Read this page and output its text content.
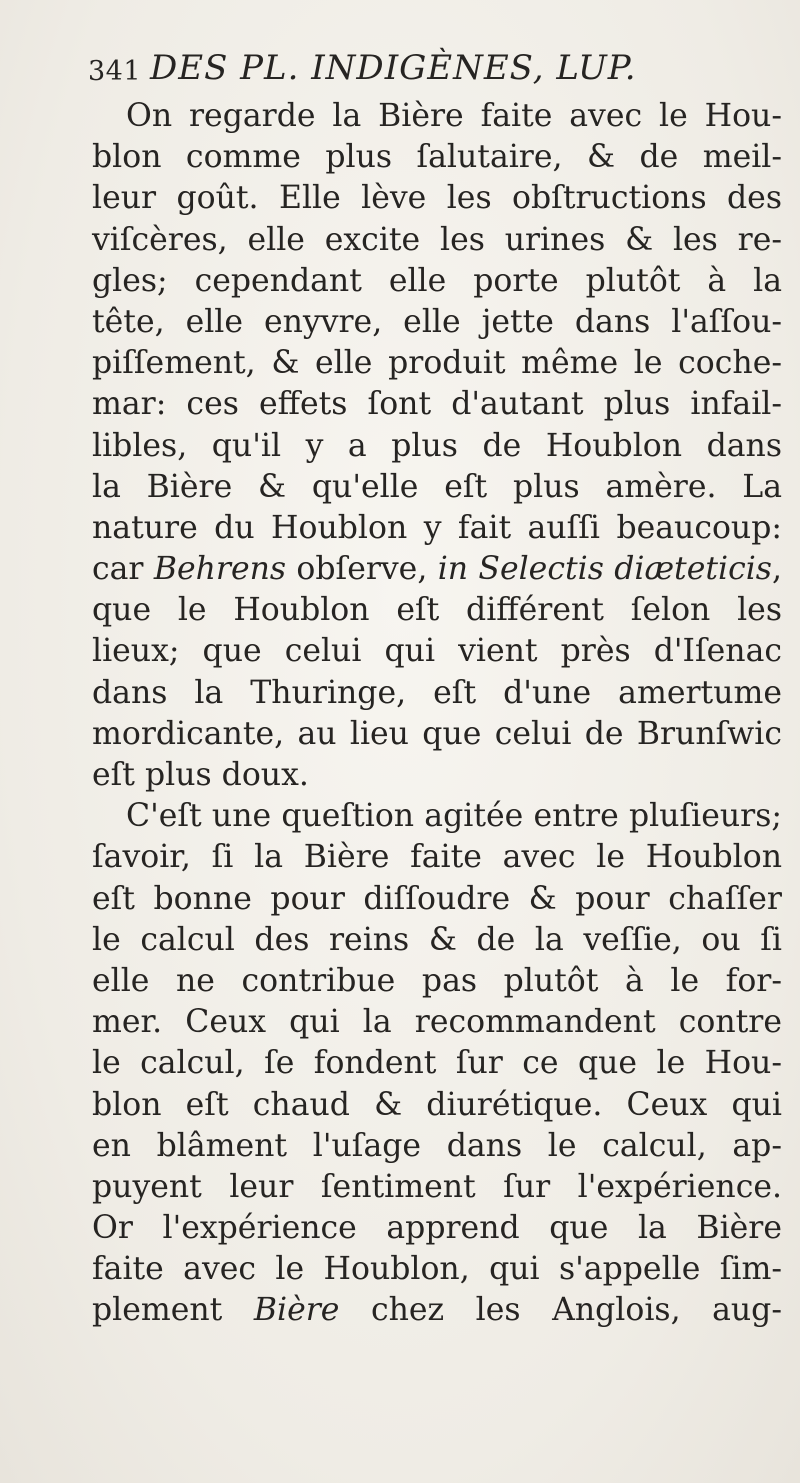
341 DES PL. INDIGÈNES, LUP.
On regarde la Bière faite avec le Hou-
blon comme plus ſalutaire, & de meil-
leur goût. Elle lève les obſtructions des
viſcères, elle excite les urines & les re-
gles; cependant elle porte plutôt à la
tête, elle enyvre, elle jette dans l'aſſou-
piſſement, & elle produit même le coche-
mar: ces effets ſont d'autant plus infail-
libles, qu'il y a plus de Houblon dans
la Bière & qu'elle eſt plus amère. La
nature du Houblon y fait auſſi beaucoup:
car Behrens obſerve, in Selectis diæteticis,
que le Houblon eſt différent ſelon les
lieux; que celui qui vient près d'Iſenac
dans la Thuringe, eſt d'une amertume
mordicante, au lieu que celui de Brunſwic
eſt plus doux.
C'eſt une queſtion agitée entre pluſieurs;
ſavoir, ſi la Bière faite avec le Houblon
eſt bonne pour diſſoudre & pour chaſſer
le calcul des reins & de la veſſie, ou ſi
elle ne contribue pas plutôt à le for-
mer. Ceux qui la recommandent contre
le calcul, ſe fondent ſur ce que le Hou-
blon eſt chaud & diurétique. Ceux qui
en blâment l'uſage dans le calcul, ap-
puyent leur ſentiment ſur l'expérience.
Or l'expérience apprend que la Bière
faite avec le Houblon, qui s'appelle ſim-
plement Bière chez les Anglois, aug-
